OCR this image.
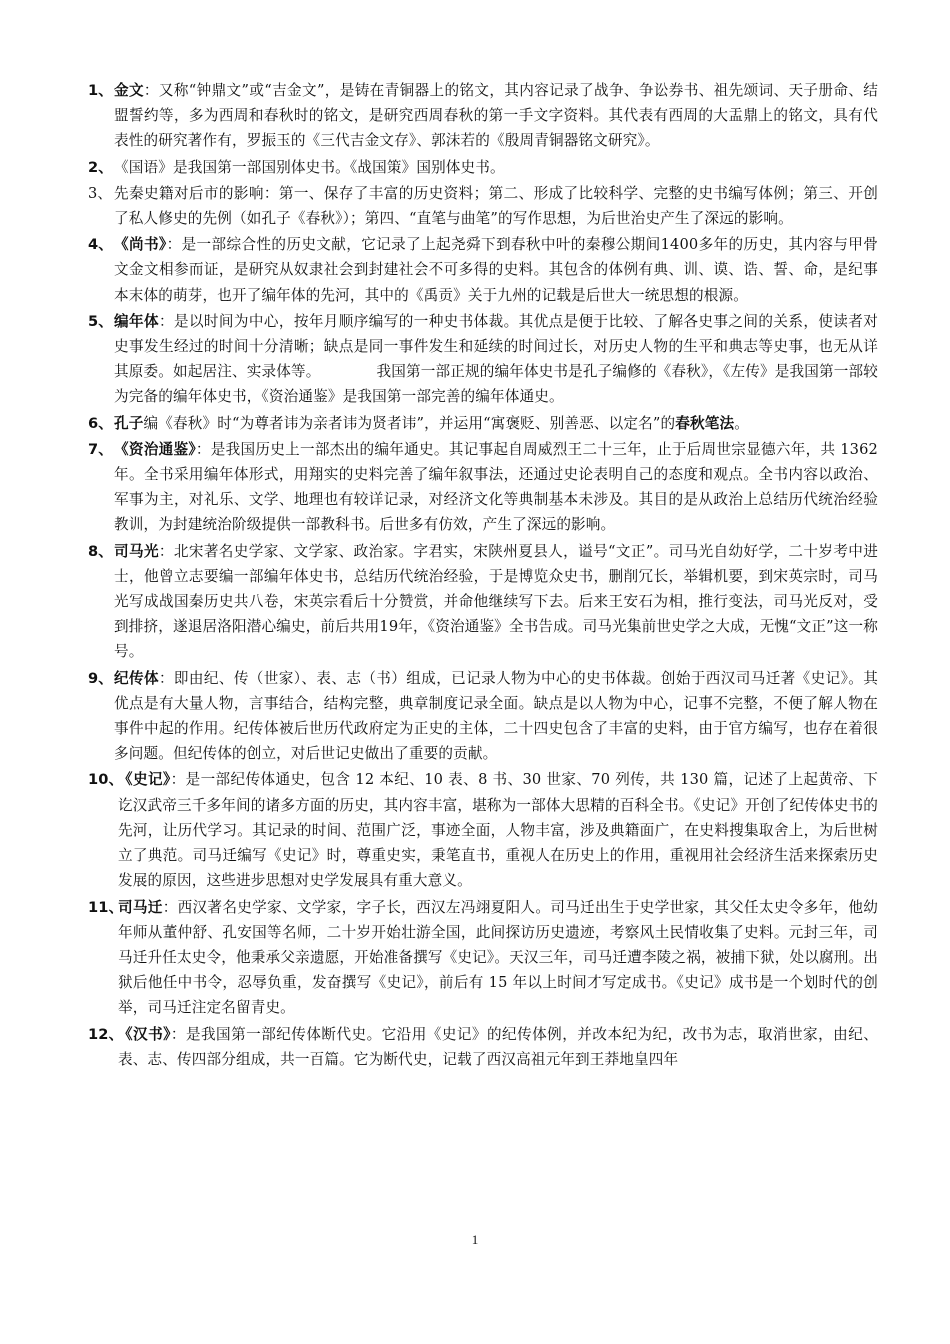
1、 金文：又称“钟鼎文”或“吉金文”，是铸在青铜器上的铭文，其内容记录了战争、争讼券书、祖先颂词、天子册命、结盟誓约等，多为西周和春秋时的铭文，是研究西周春秋的第一手文字资料。其代表有西周的大盂鼎上的铭文，具有代表性的研究著作有，罗振玉的《三代吉金文存》、郭沫若的《殷周青铜器铭文研究》。

2、 《国语》是我国第一部国别体史书。《战国策》国别体史书。

3、 先秦史籍对后市的影响：第一、保存了丰富的历史资料；第二、形成了比较科学、完整的史书编写体例；第三、开创了私人修史的先例（如孔子《春秋》）；第四、“直笔与曲笔”的写作思想，为后世治史产生了深远的影响。

4、 《尚书》：是一部综合性的历史文献，它记录了上起尧舜下到春秋中叶的秦穆公期间1400多年的历史，其内容与甲骨文金文相参而证，是研究从奴隶社会到封建社会不可多得的史料。其包含的体例有典、训、谟、诰、誓、命，是纪事本末体的萌芽，也开了编年体的先河，其中的《禹贡》关于九州的记载是后世大一统思想的根源。

5、 编年体：是以时间为中心，按年月顺序编写的一种史书体裁。其优点是便于比较、了解各史事之间的关系，使读者对史事发生经过的时间十分清晰；缺点是同一事件发生和延续的时间过长，对历史人物的生平和典志等史事，也无从详其原委。如起居注、实录体等。	我国第一部正规的编年体史书是孔子编修的《春秋》，《左传》是我国第一部较为完备的编年体史书，《资治通鉴》是我国第一部完善的编年体通史。

6、 孔子编《春秋》时“为尊者讳为亲者讳为贤者讳”，并运用“寓褒贬、别善恶、以定名”的春秋笔法。

7、 《资治通鉴》：是我国历史上一部杰出的编年通史。其记事起自周威烈王二十三年，止于后周世宗显德六年，共 1362 年。全书采用编年体形式，用翔实的史料完善了编年叙事法，还通过史论表明自己的态度和观点。全书内容以政治、军事为主，对礼乐、文学、地理也有较详记录，对经济文化等典制基本未涉及。其目的是从政治上总结历代统治经验教训，为封建统治阶级提供一部教科书。后世多有仿效，产生了深远的影响。

8、 司马光：北宋著名史学家、文学家、政治家。字君实，宋陕州夏县人，谥号“文正”。司马光自幼好学，二十岁考中进士，他曾立志要编一部编年体史书，总结历代统治经验，于是博览众史书，删削冗长，举辑机要，到宋英宗时，司马光写成战国秦历史共八卷，宋英宗看后十分赞赏，并命他继续写下去。后来王安石为相，推行变法，司马光反对，受到排挤，遂退居洛阳潜心编史，前后共用19年，《资治通鉴》全书告成。司马光集前世史学之大成，无愧“文正”这一称号。

9、 纪传体：即由纪、传（世家）、表、志（书）组成，已记录人物为中心的史书体裁。创始于西汉司马迁著《史记》。其优点是有大量人物，言事结合，结构完整，典章制度记录全面。缺点是以人物为中心，记事不完整，不便了解人物在事件中起的作用。纪传体被后世历代政府定为正史的主体，二十四史包含了丰富的史料，由于官方编写，也存在着很多问题。但纪传体的创立，对后世记史做出了重要的贡献。

10、
《史记》：是一部纪传体通史，包含 12 本纪、10 表、8 书、30 世家、70 列传，共 130 篇，记述了上起黄帝、下讫汉武帝三千多年间的诸多方面的历史，其内容丰富，堪称为一部体大思精的百科全书。《史记》开创了纪传体史书的先河，让历代学习。其记录的时间、范围广泛，事迹全面，人物丰富，涉及典籍面广，在史料搜集取舍上，为后世树立了典范。司马迁编写《史记》时，尊重史实，秉笔直书，重视人在历史上的作用，重视用社会经济生活来探索历史发展的原因，这些进步思想对史学发展具有重大意义。

11、
司马迁：西汉著名史学家、文学家，字子长，西汉左冯翊夏阳人。司马迁出生于史学世家，其父任太史令多年，他幼年师从董仲舒、孔安国等名师，二十岁开始壮游全国，此间探访历史遗迹，考察风土民情收集了史料。元封三年，司马迁升任太史令，他秉承父亲遗愿，开始准备撰写《史记》。天汉三年，司马迁遭李陵之祸，被捕下狱，处以腐刑。出狱后他任中书令，忍辱负重，发奋撰写《史记》，前后有 15 年以上时间才写定成书。《史记》成书是一个划时代的创举，司马迁注定名留青史。

12、
《汉书》：是我国第一部纪传体断代史。它沿用《史记》的纪传体例，并改本纪为纪，改书为志，取消世家，由纪、表、志、传四部分组成，共一百篇。它为断代史，记载了西汉高祖元年到王莽地皇四年

1
